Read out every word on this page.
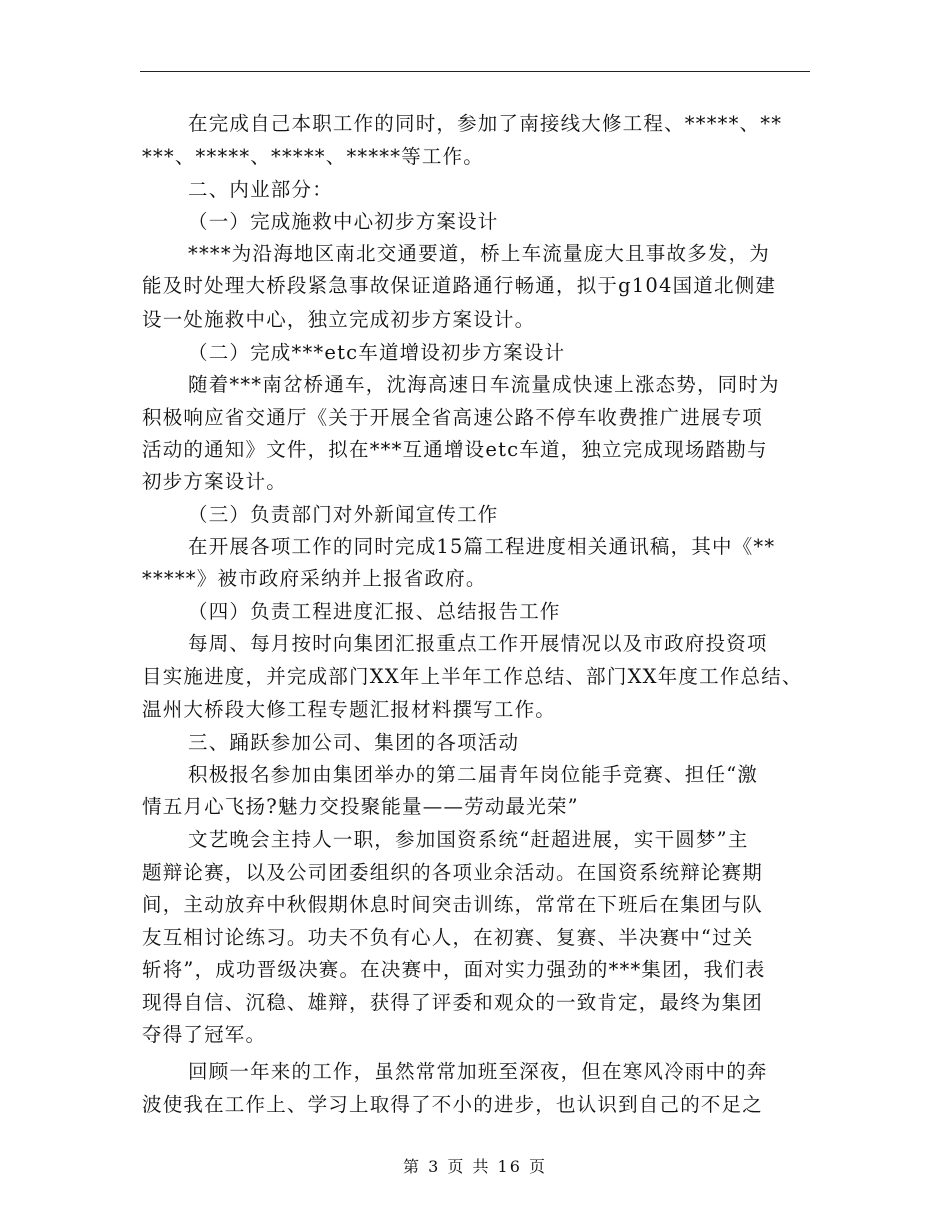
在完成自己本职工作的同时，参加了南接线大修工程、*****、**
***、*****、*****、*****等工作。
二、内业部分：
（一）完成施救中心初步方案设计
****为沿海地区南北交通要道，桥上车流量庞大且事故多发，为
能及时处理大桥段紧急事故保证道路通行畅通，拟于g104国道北侧建
设一处施救中心，独立完成初步方案设计。
（二）完成***etc车道增设初步方案设计
随着***南岔桥通车，沈海高速日车流量成快速上涨态势，同时为
积极响应省交通厅《关于开展全省高速公路不停车收费推广进展专项
活动的通知》文件，拟在***互通增设etc车道，独立完成现场踏勘与
初步方案设计。
（三）负责部门对外新闻宣传工作
在开展各项工作的同时完成15篇工程进度相关通讯稿，其中《**
*****》被市政府采纳并上报省政府。
（四）负责工程进度汇报、总结报告工作
每周、每月按时向集团汇报重点工作开展情况以及市政府投资项
目实施进度，并完成部门XX年上半年工作总结、部门XX年度工作总结、
温州大桥段大修工程专题汇报材料撰写工作。
三、踊跃参加公司、集团的各项活动
积极报名参加由集团举办的第二届青年岗位能手竞赛、担任“激
情五月心飞扬?魅力交投聚能量——劳动最光荣”
文艺晚会主持人一职，参加国资系统“赶超进展，实干圆梦”主
题辩论赛，以及公司团委组织的各项业余活动。在国资系统辩论赛期
间，主动放弃中秋假期休息时间突击训练，常常在下班后在集团与队
友互相讨论练习。功夫不负有心人，在初赛、复赛、半决赛中“过关
斩将”，成功晋级决赛。在决赛中，面对实力强劲的***集团，我们表
现得自信、沉稳、雄辩，获得了评委和观众的一致肯定，最终为集团
夺得了冠军。
回顾一年来的工作，虽然常常加班至深夜，但在寒风冷雨中的奔
波使我在工作上、学习上取得了不小的进步，也认识到自己的不足之
第 3 页 共 16 页
